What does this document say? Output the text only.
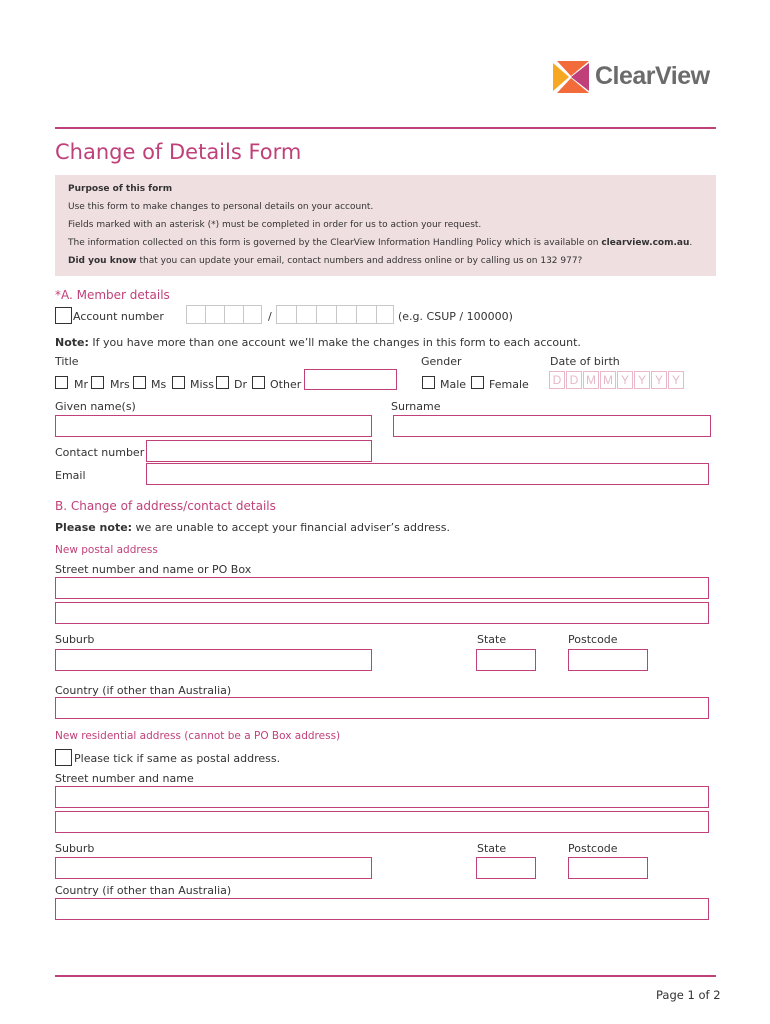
ClearView
Change of Details Form
Purpose of this form
Use this form to make changes to personal details on your account.
Fields marked with an asterisk (*) must be completed in order for us to action your request.
The information collected on this form is governed by the ClearView Information Handling Policy which is available on clearview.com.au.
Did you know that you can update your email, contact numbers and address online or by calling us on 132 977?
*A. Member details
Account number	/	(e.g. CSUP / 100000)
Note: If you have more than one account we’ll make the changes in this form to each account.
Title	Gender	Date of birth
Mr Mrs Ms Miss Dr Other	Male Female	D D M M Y Y Y Y
Given name(s)	Surname
Contact number
Email
B. Change of address/contact details
Please note: we are unable to accept your financial adviser’s address.
New postal address
Street number and name or PO Box
Suburb	State	Postcode
Country (if other than Australia)
New residential address (cannot be a PO Box address)
Please tick if same as postal address.
Street number and name
Suburb	State	Postcode
Country (if other than Australia)
Page 1 of 2
